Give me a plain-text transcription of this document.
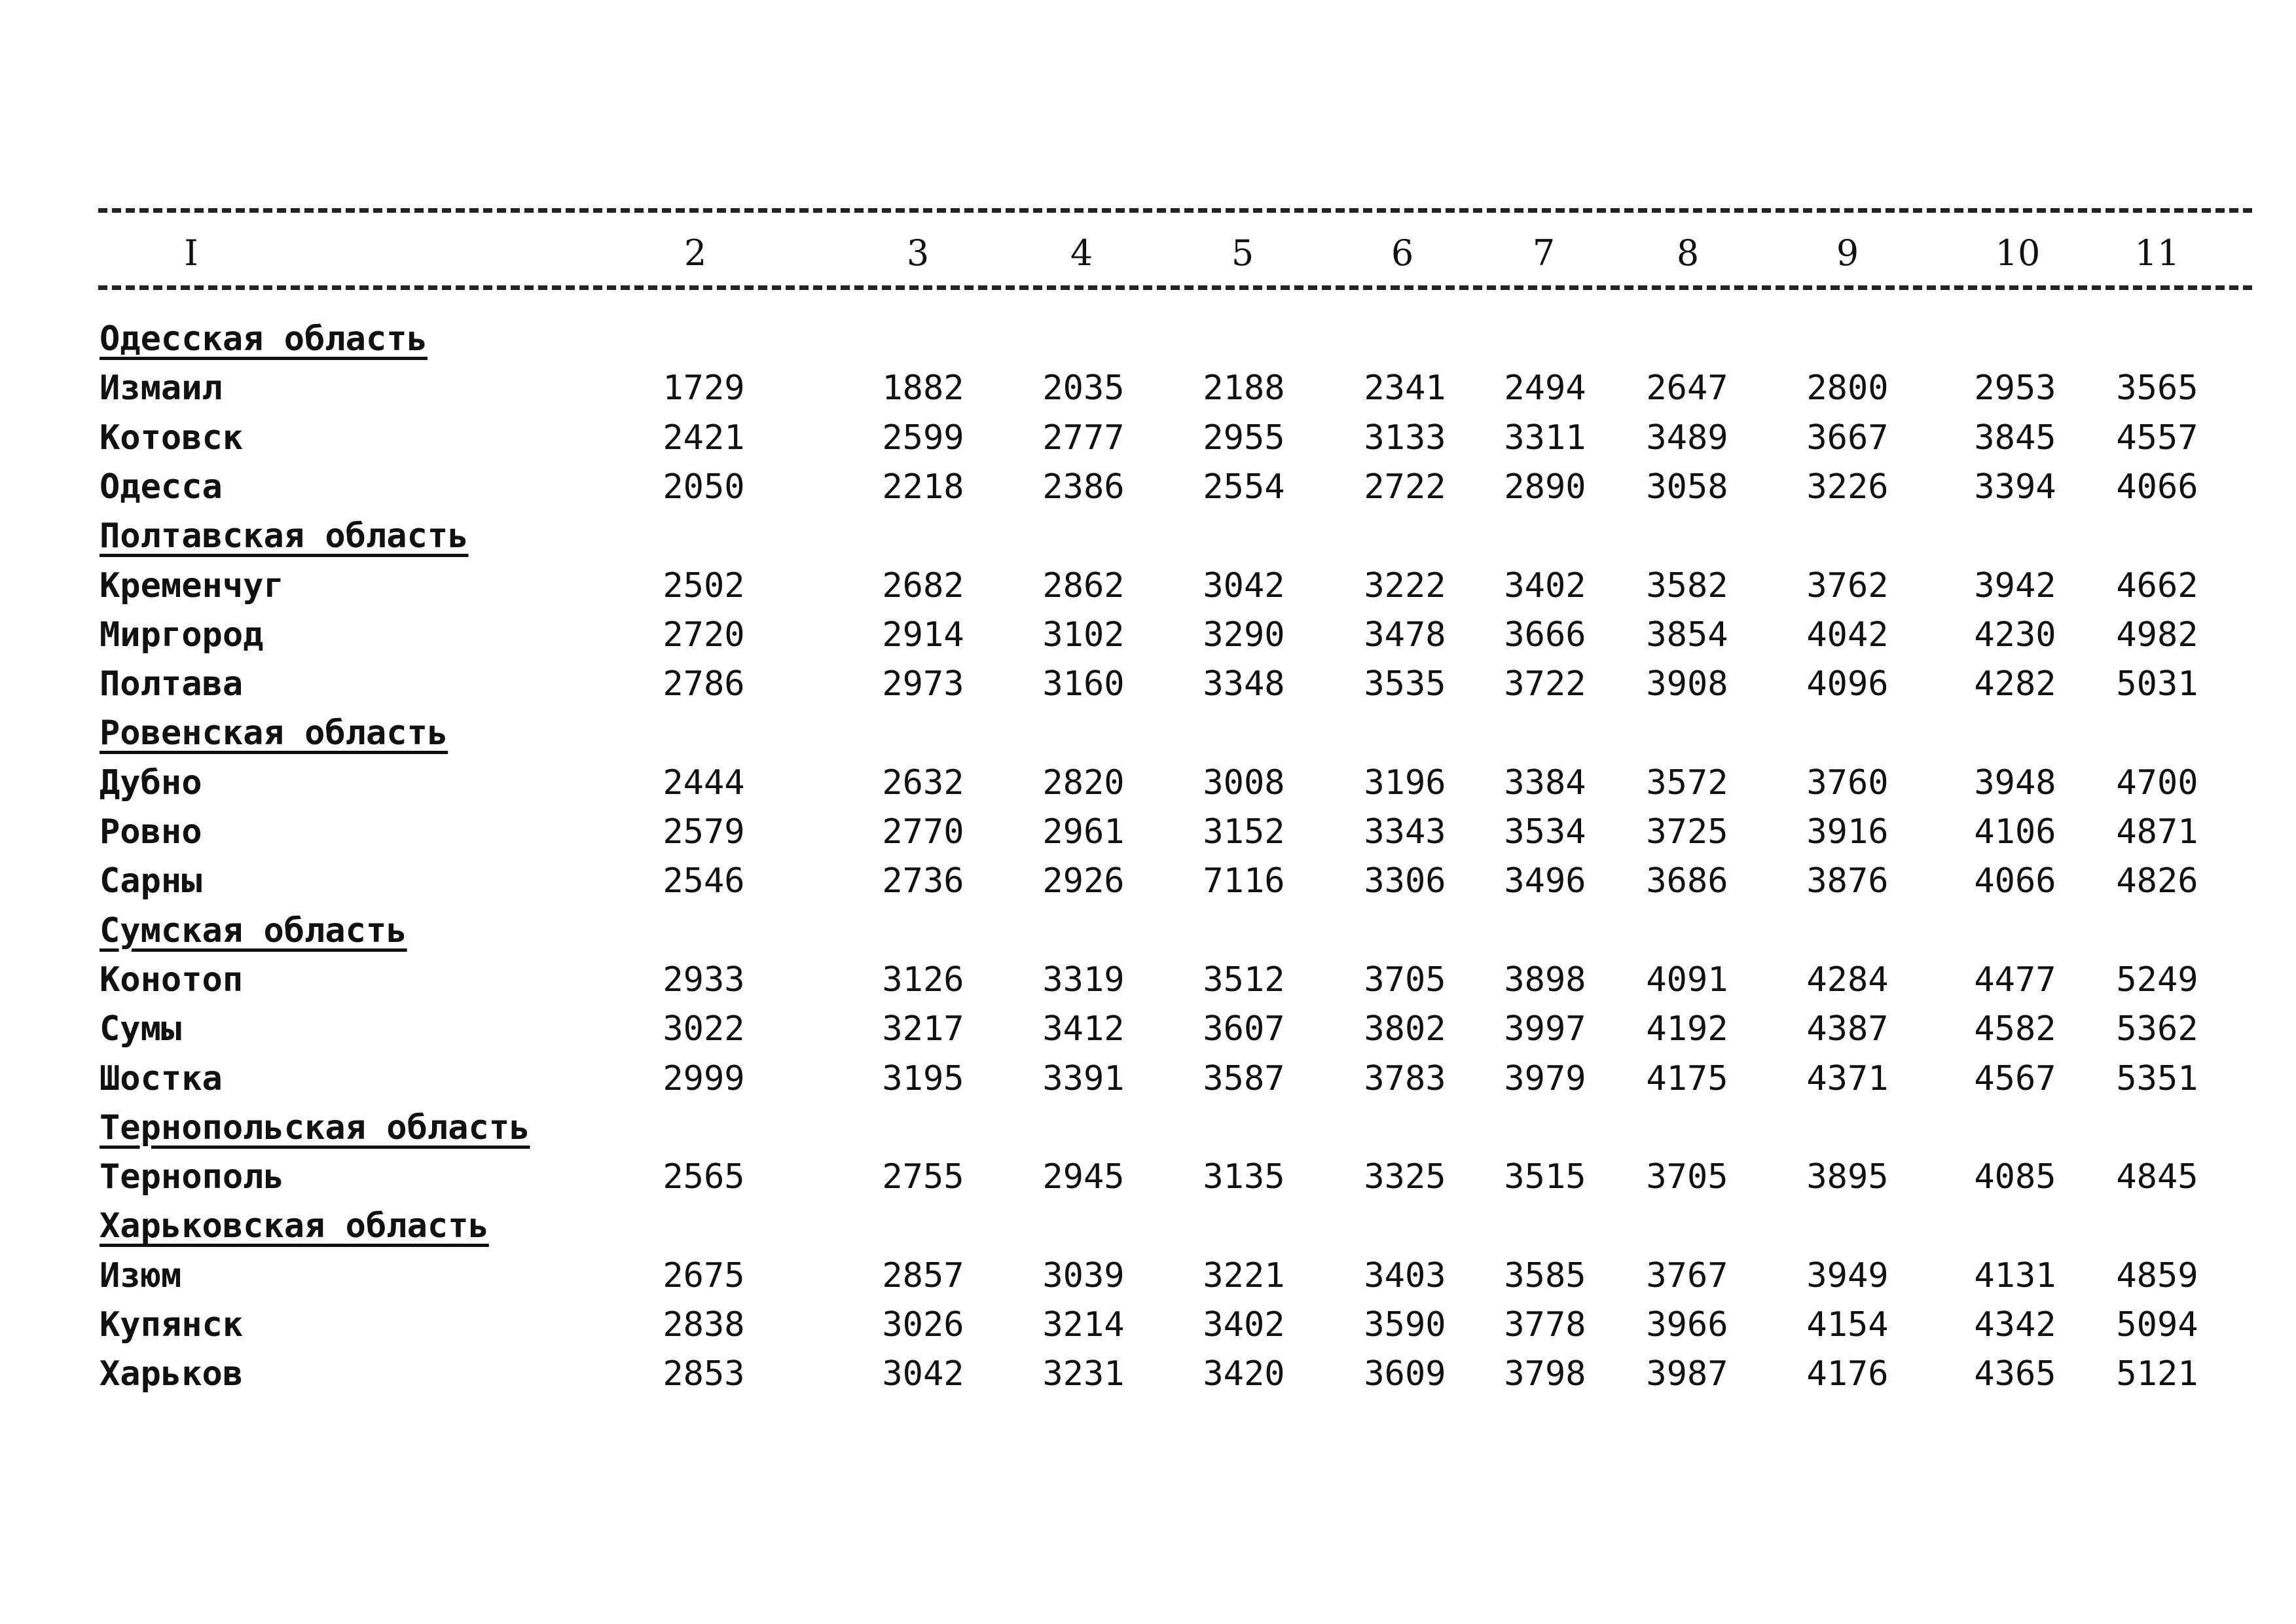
I	2	3	4	5	6	7	8	9	10	11
Одесская область
Измаил	1729	1882	2035	2188	2341	2494	2647	2800	2953	3565
Котовск	2421	2599	2777	2955	3133	3311	3489	3667	3845	4557
Одесса	2050	2218	2386	2554	2722	2890	3058	3226	3394	4066
Полтавская область
Кременчуг	2502	2682	2862	3042	3222	3402	3582	3762	3942	4662
Миргород	2720	2914	3102	3290	3478	3666	3854	4042	4230	4982
Полтава	2786	2973	3160	3348	3535	3722	3908	4096	4282	5031
Ровенская область
Дубно	2444	2632	2820	3008	3196	3384	3572	3760	3948	4700
Ровно	2579	2770	2961	3152	3343	3534	3725	3916	4106	4871
Сарны	2546	2736	2926	7116	3306	3496	3686	3876	4066	4826
Сумская область
Конотоп	2933	3126	3319	3512	3705	3898	4091	4284	4477	5249
Сумы	3022	3217	3412	3607	3802	3997	4192	4387	4582	5362
Шостка	2999	3195	3391	3587	3783	3979	4175	4371	4567	5351
Тернопольская область
Тернополь	2565	2755	2945	3135	3325	3515	3705	3895	4085	4845
Харьковская область
Изюм	2675	2857	3039	3221	3403	3585	3767	3949	4131	4859
Купянск	2838	3026	3214	3402	3590	3778	3966	4154	4342	5094
Харьков	2853	3042	3231	3420	3609	3798	3987	4176	4365	5121
